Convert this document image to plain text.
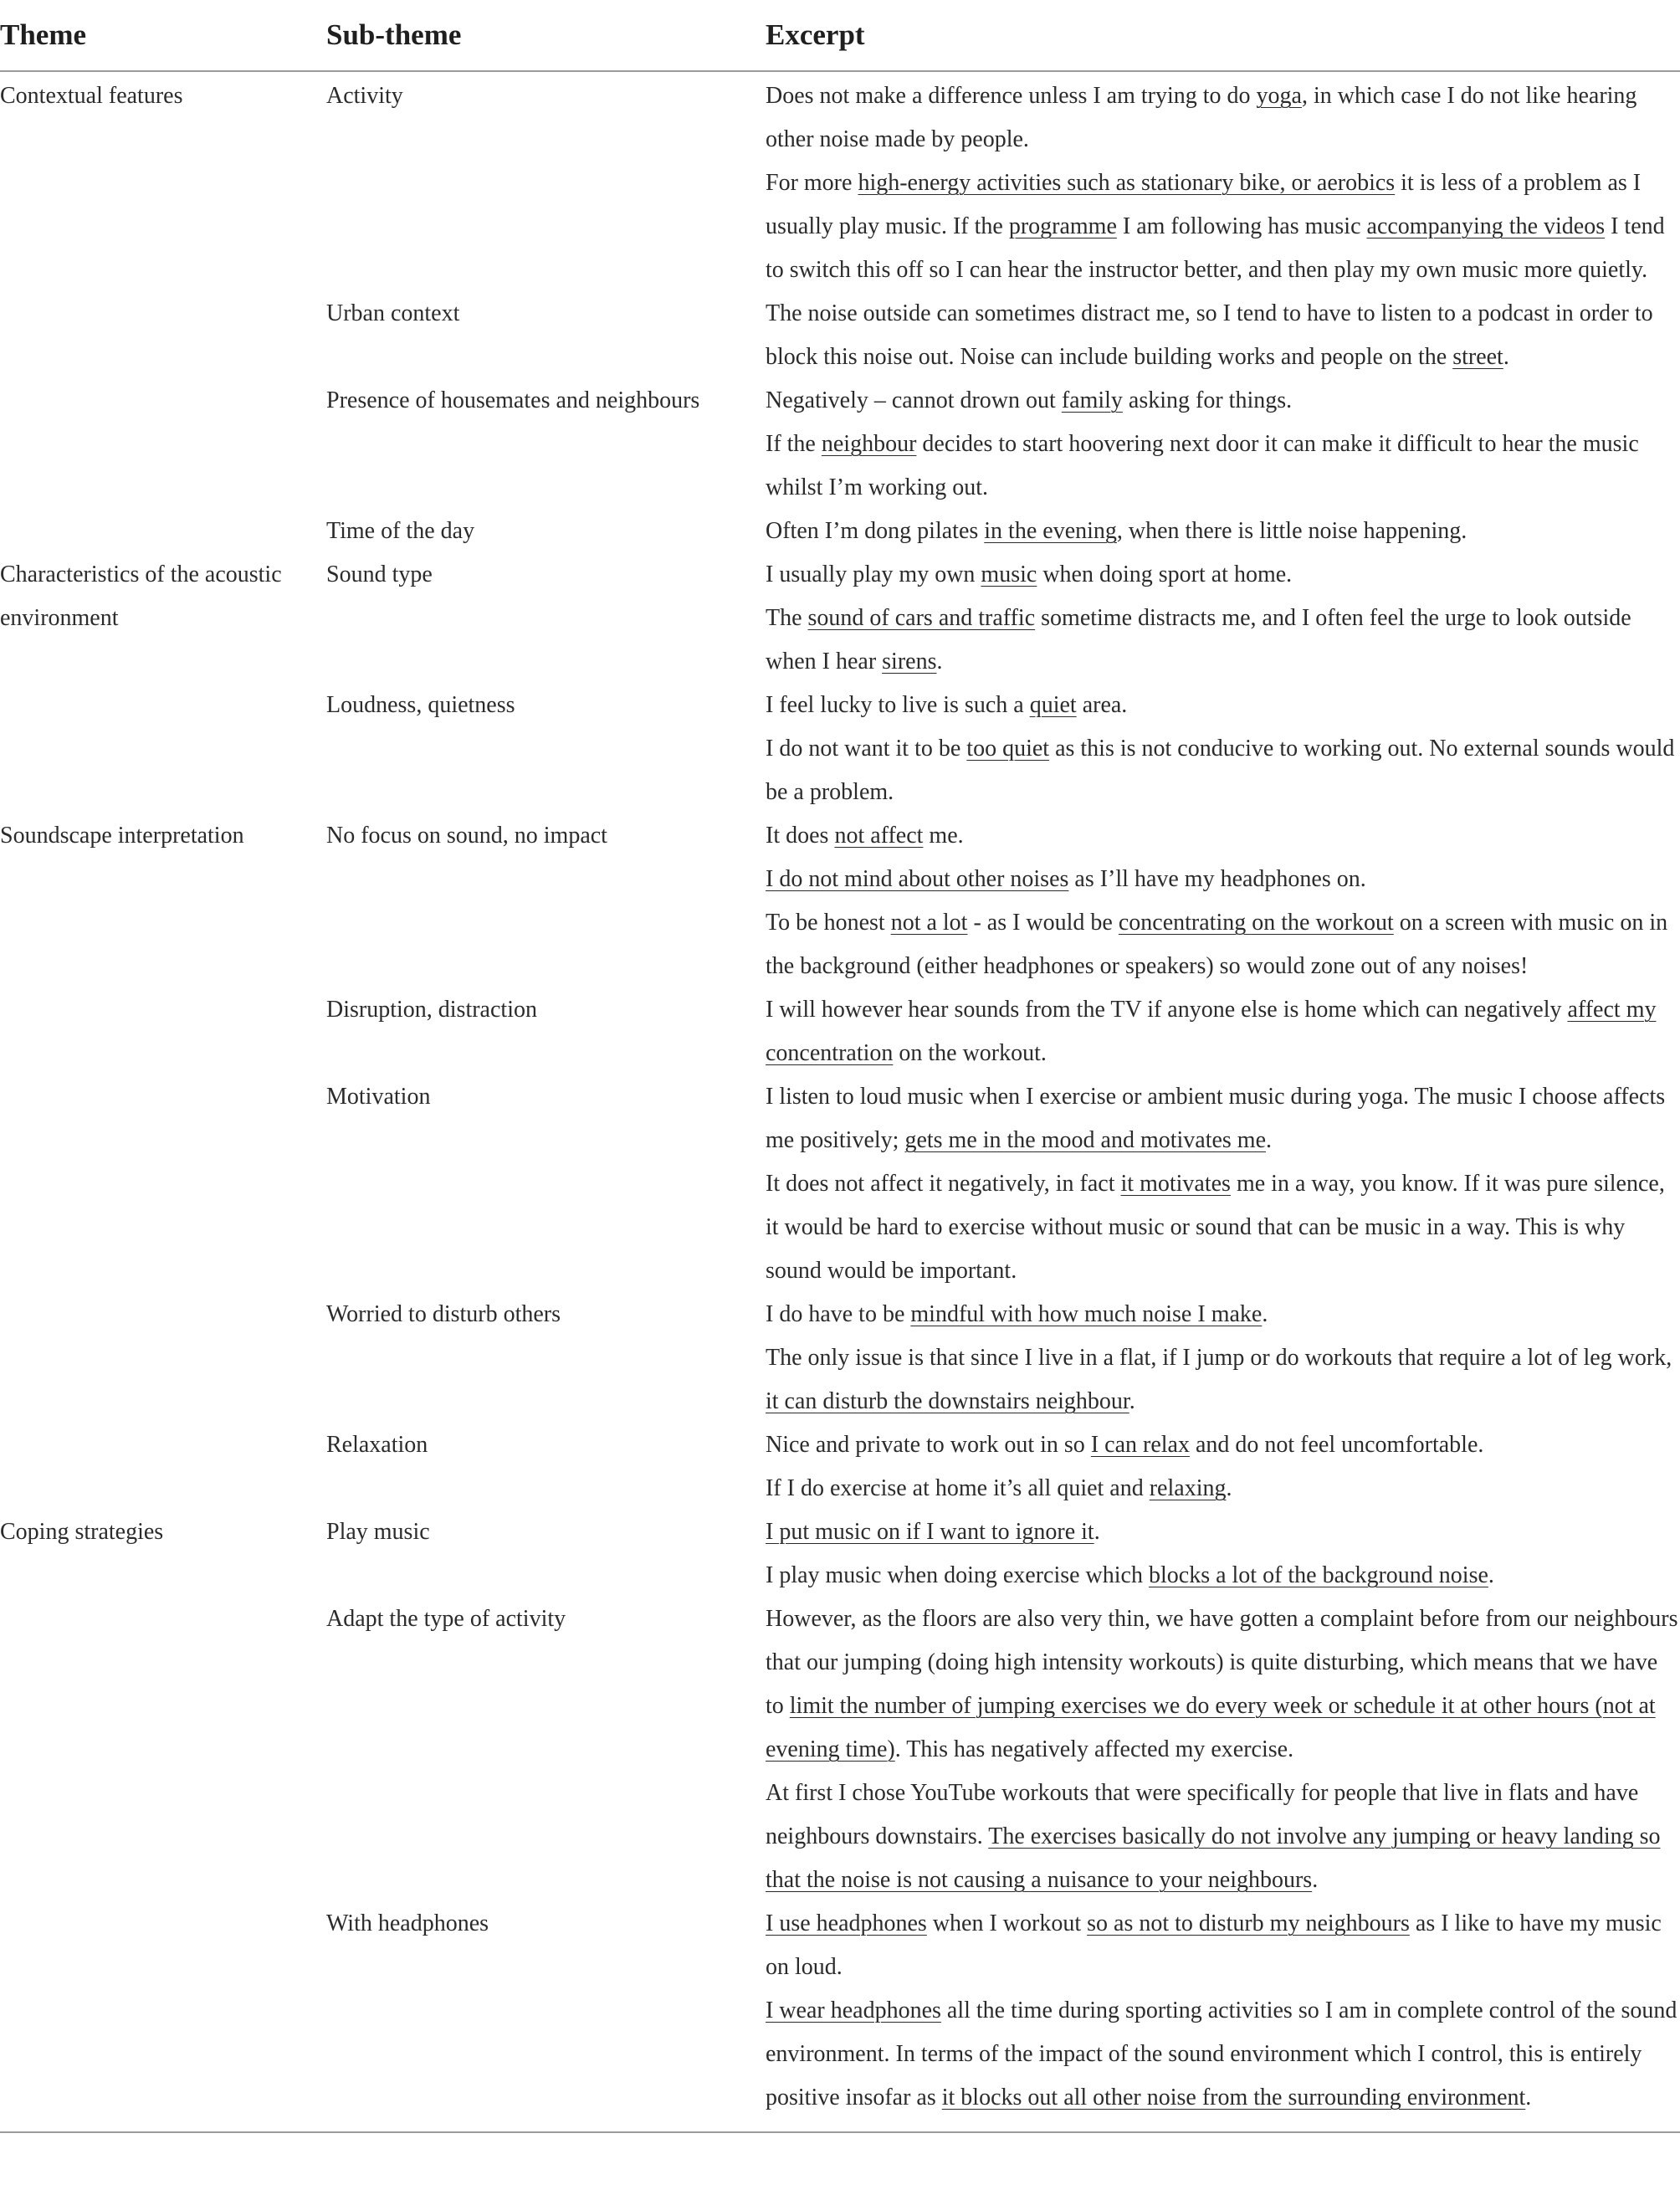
Theme	Sub-theme	Excerpt
Contextual features	Activity	Does not make a difference unless I am trying to do yoga, in which case I do not like hearing other noise made by people.
For more high-energy activities such as stationary bike, or aerobics it is less of a problem as I usually play music. If the programme I am following has music accompanying the videos I tend to switch this off so I can hear the instructor better, and then play my own music more quietly.

	Urban context	The noise outside can sometimes distract me, so I tend to have to listen to a podcast in order to block this noise out. Noise can include building works and people on the street.

	Presence of housemates and neighbours	Negatively – cannot drown out family asking for things.
If the neighbour decides to start hoovering next door it can make it difficult to hear the music whilst I’m working out.

	Time of the day	Often I’m dong pilates in the evening, when there is little noise happening.

Characteristics of the acoustic environment	Sound type	I usually play my own music when doing sport at home.
The sound of cars and traffic sometime distracts me, and I often feel the urge to look outside when I hear sirens.

	Loudness, quietness	I feel lucky to live is such a quiet area.
I do not want it to be too quiet as this is not conducive to working out. No external sounds would be a problem.

Soundscape interpretation	No focus on sound, no impact	It does not affect me.
I do not mind about other noises as I’ll have my headphones on.
To be honest not a lot - as I would be concentrating on the workout on a screen with music on in the background (either headphones or speakers) so would zone out of any noises!

	Disruption, distraction	I will however hear sounds from the TV if anyone else is home which can negatively affect my concentration on the workout.

	Motivation	I listen to loud music when I exercise or ambient music during yoga. The music I choose affects me positively; gets me in the mood and motivates me.
It does not affect it negatively, in fact it motivates me in a way, you know. If it was pure silence, it would be hard to exercise without music or sound that can be music in a way. This is why sound would be important.

	Worried to disturb others	I do have to be mindful with how much noise I make.
The only issue is that since I live in a flat, if I jump or do workouts that require a lot of leg work, it can disturb the downstairs neighbour.

	Relaxation	Nice and private to work out in so I can relax and do not feel uncomfortable.
If I do exercise at home it’s all quiet and relaxing.

Coping strategies	Play music	I put music on if I want to ignore it.
I play music when doing exercise which blocks a lot of the background noise.

	Adapt the type of activity	However, as the floors are also very thin, we have gotten a complaint before from our neighbours that our jumping (doing high intensity workouts) is quite disturbing, which means that we have to limit the number of jumping exercises we do every week or schedule it at other hours (not at evening time). This has negatively affected my exercise.
At first I chose YouTube workouts that were specifically for people that live in flats and have neighbours downstairs. The exercises basically do not involve any jumping or heavy landing so that the noise is not causing a nuisance to your neighbours.

	With headphones	I use headphones when I workout so as not to disturb my neighbours as I like to have my music on loud.
I wear headphones all the time during sporting activities so I am in complete control of the sound environment. In terms of the impact of the sound environment which I control, this is entirely positive insofar as it blocks out all other noise from the surrounding environment.
